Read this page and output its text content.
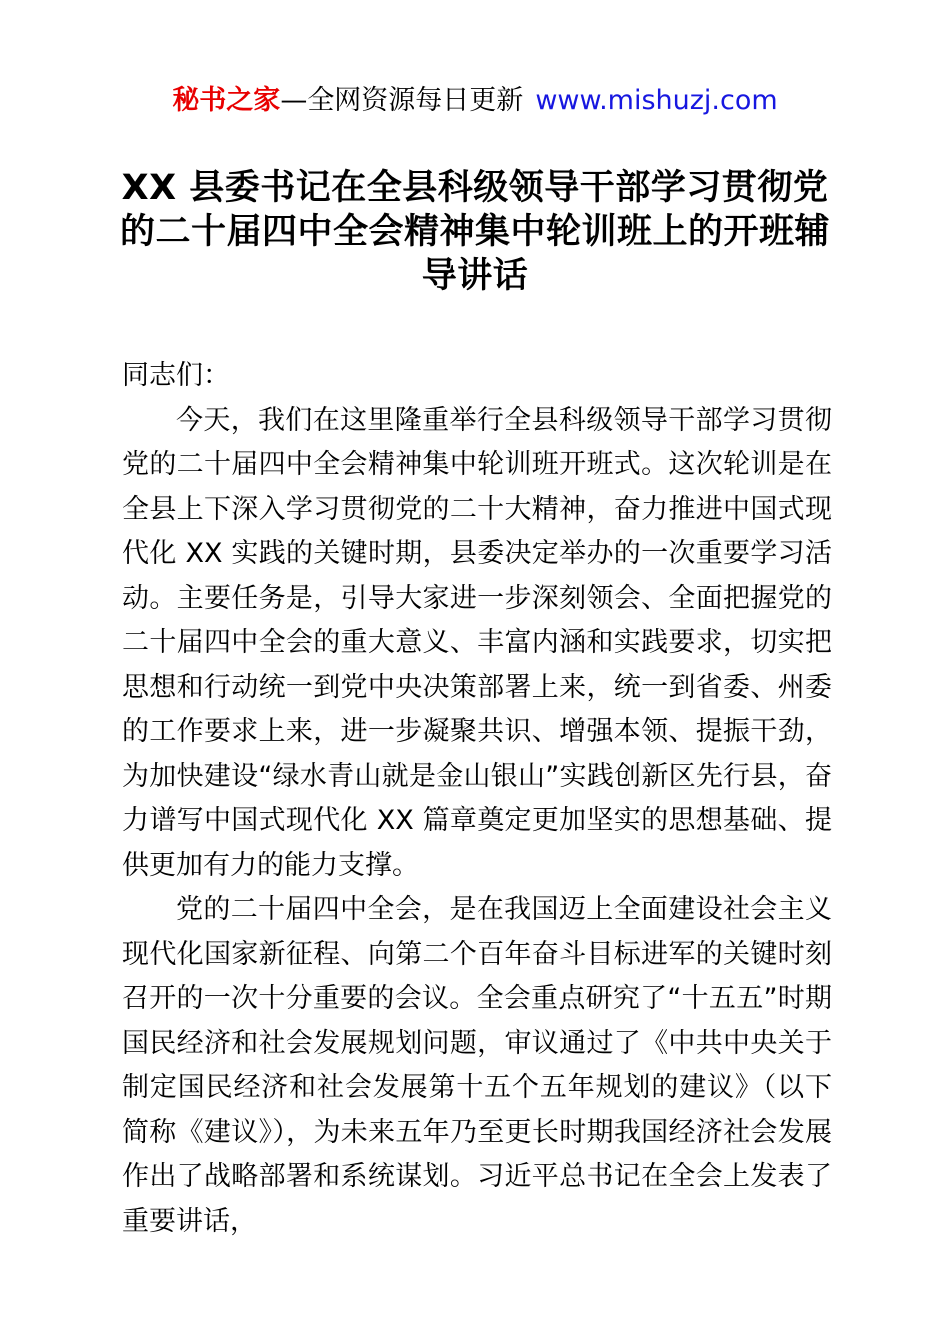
秘书之家—全网资源每日更新 www.mishuzj.com
XX 县委书记在全县科级领导干部学习贯彻党的二十届四中全会精神集中轮训班上的开班辅导讲话

同志们：

今天，我们在这里隆重举行全县科级领导干部学习贯彻党的二十届四中全会精神集中轮训班开班式。这次轮训是在全县上下深入学习贯彻党的二十大精神，奋力推进中国式现代化 XX 实践的关键时期，县委决定举办的一次重要学习活动。主要任务是，引导大家进一步深刻领会、全面把握党的二十届四中全会的重大意义、丰富内涵和实践要求，切实把思想和行动统一到党中央决策部署上来，统一到省委、州委的工作要求上来，进一步凝聚共识、增强本领、提振干劲，为加快建设“绿水青山就是金山银山”实践创新区先行县，奋力谱写中国式现代化 XX 篇章奠定更加坚实的思想基础、提供更加有力的能力支撑。

党的二十届四中全会，是在我国迈上全面建设社会主义现代化国家新征程、向第二个百年奋斗目标进军的关键时刻召开的一次十分重要的会议。全会重点研究了“十五五”时期国民经济和社会发展规划问题，审议通过了《中共中央关于制定国民经济和社会发展第十五个五年规划的建议》（以下简称《建议》），为未来五年乃至更长时期我国经济社会发展作出了战略部署和系统谋划。习近平总书记在全会上发表了重要讲话，
